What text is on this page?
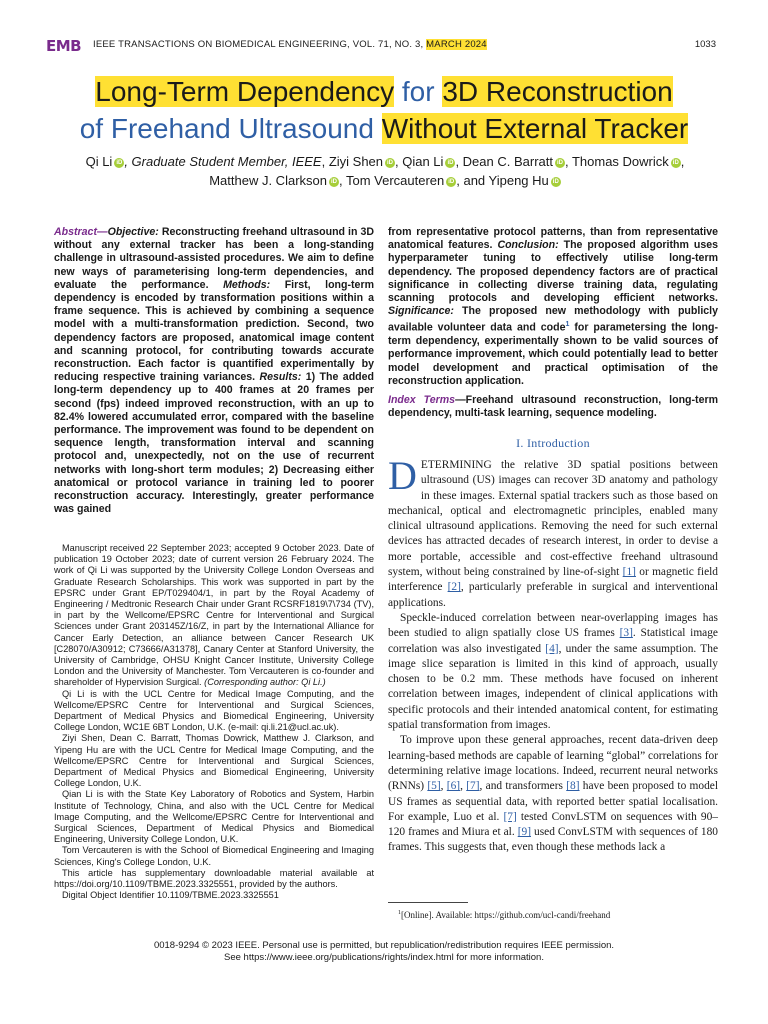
EMB IEEE TRANSACTIONS ON BIOMEDICAL ENGINEERING, VOL. 71, NO. 3, MARCH 2024	1033
Long-Term Dependency for 3D Reconstruction
of Freehand Ultrasound Without External Tracker
Qi Li iD , Graduate Student Member, IEEE, Ziyi Shen iD , Qian Li iD , Dean C. Barratt iD , Thomas Dowrick iD ,
Matthew J. Clarkson iD , Tom Vercauteren iD , and Yipeng Hu iD
Abstract—Objective: Reconstructing freehand ultrasound in 3D without any external tracker has been a long-standing challenge in ultrasound-assisted procedures. We aim to define new ways of parameterising long-term dependencies, and evaluate the performance. Methods: First, long-term dependency is encoded by transformation positions within a frame sequence. This is achieved by combining a sequence model with a multi-transformation prediction. Second, two dependency factors are proposed, anatomical image content and scanning protocol, for contributing towards accurate reconstruction. Each factor is quantified experimentally by reducing respective training variances. Results: 1) The added long-term dependency up to 400 frames at 20 frames per second (fps) indeed improved reconstruction, with an up to 82.4% lowered accumulated error, compared with the baseline performance. The improvement was found to be dependent on sequence length, transformation interval and scanning protocol and, unexpectedly, not on the use of recurrent networks with long-short term modules; 2) Decreasing either anatomical or protocol variance in training led to poorer reconstruction accuracy. Interestingly, greater performance was gained
from representative protocol patterns, than from representative anatomical features. Conclusion: The proposed algorithm uses hyperparameter tuning to effectively utilise long-term dependency. The proposed dependency factors are of practical significance in collecting diverse training data, regulating scanning protocols and developing efficient networks. Significance: The proposed new methodology with publicly available volunteer data and code$^1$ for parametersing the long-term dependency, experimentally shown to be valid sources of performance improvement, which could potentially lead to better model development and practical optimisation of the reconstruction application.
Index Terms—Freehand ultrasound reconstruction, long-term dependency, multi-task learning, sequence modeling.

Manuscript received 22 September 2023; accepted 9 October 2023. Date of publication 19 October 2023; date of current version 26 February 2024. The work of Qi Li was supported by the University College London Overseas and Graduate Research Scholarships. This work was supported in part by the EPSRC under Grant EP/T029404/1, in part by the Royal Academy of Engineering / Medtronic Research Chair under Grant RCSRF1819\7\734 (TV), in part by the Wellcome/EPSRC Centre for Interventional and Surgical Sciences under Grant 203145Z/16/Z, in part by the International Alliance for Cancer Early Detection, an alliance between Cancer Research UK [C28070/A30912; C73666/A31378], Canary Center at Stanford University, the University of Cambridge, OHSU Knight Cancer Institute, University College London and the University of Manchester. Tom Vercauteren is co-founder and shareholder of Hypervision Surgical. (Corresponding author: Qi Li.)

Qi Li is with the UCL Centre for Medical Image Computing, and the Wellcome/EPSRC Centre for Interventional and Surgical Sciences, Department of Medical Physics and Biomedical Engineering, University College London, WC1E 6BT London, U.K. (e-mail: qi.li.21@ucl.ac.uk).

Ziyi Shen, Dean C. Barratt, Thomas Dowrick, Matthew J. Clarkson, and Yipeng Hu are with the UCL Centre for Medical Image Computing, and the Wellcome/EPSRC Centre for Interventional and Surgical Sciences, Department of Medical Physics and Biomedical Engineering, University College London, U.K.

Qian Li is with the State Key Laboratory of Robotics and System, Harbin Institute of Technology, China, and also with the UCL Centre for Medical Image Computing, and the Wellcome/EPSRC Centre for Interventional and Surgical Sciences, Department of Medical Physics and Biomedical Engineering, University College London, U.K.

Tom Vercauteren is with the School of Biomedical Engineering and Imaging Sciences, King's College London, U.K.

This article has supplementary downloadable material available at https://doi.org/10.1109/TBME.2023.3325551, provided by the authors.

Digital Object Identifier 10.1109/TBME.2023.3325551

I. Introduction

DETERMINING the relative 3D spatial positions between ultrasound (US) images can recover 3D anatomy and pathology in these images. External spatial trackers such as those based on mechanical, optical and electromagnetic principles, enabled many clinical ultrasound applications. Removing the need for such external devices has attracted decades of research interest, in order to devise a more portable, accessible and cost-effective freehand ultrasound system, without being constrained by line-of-sight [1] or magnetic field interference [2], particularly preferable in surgical and interventional applications.

Speckle-induced correlation between near-overlapping images has been studied to align spatially close US frames [3]. Statistical image correlation was also investigated [4], under the same assumption. The image slice separation is limited in this kind of approach, usually chosen to be 0.2 mm. These methods have focused on inherent correlation between images, independent of clinical applications with specific protocols and their intended anatomical content, for estimating spatial transformation from images.

To improve upon these general approaches, recent data-driven deep learning-based methods are capable of learning “global” correlations for determining relative image locations. Indeed, recurrent neural networks (RNNs) [5], [6], [7], and transformers [8] have been proposed to model US frames as sequential data, with reported better spatial localisation. For example, Luo et al. [7] tested ConvLSTM on sequences with 90–120 frames and Miura et al. [9] used ConvLSTM with sequences of 180 frames. This suggests that, even though these methods lack a

$^1$[Online]. Available: https://github.com/ucl-candi/freehand
0018-9294 © 2023 IEEE. Personal use is permitted, but republication/redistribution requires IEEE permission.
See https://www.ieee.org/publications/rights/index.html for more information.
